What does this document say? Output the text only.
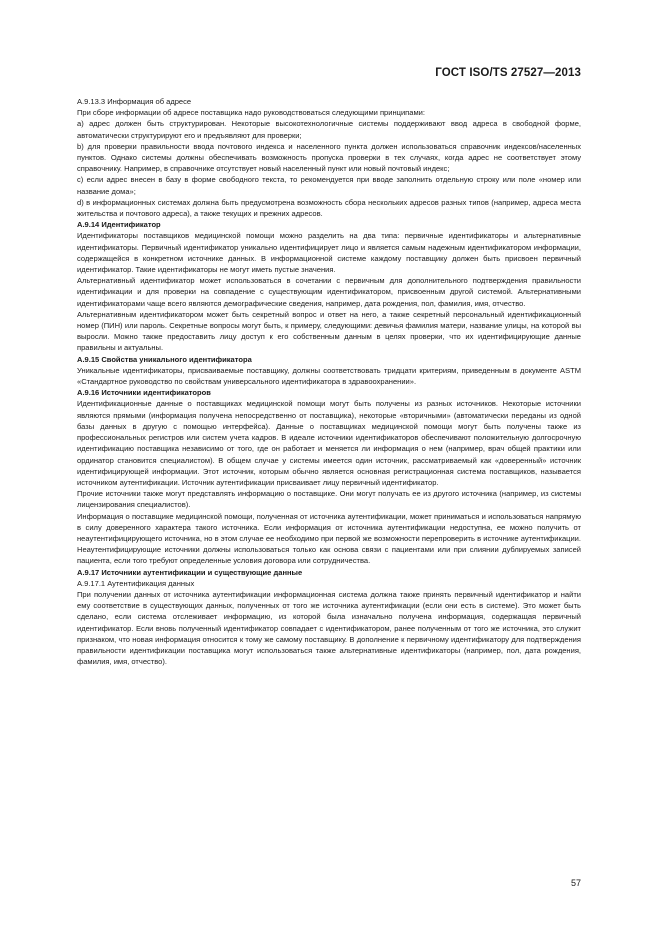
ГОСТ ISO/TS 27527—2013

А.9.13.3 Информация об адресе

При сборе информации об адресе поставщика надо руководствоваться следующими принципами:

a) адрес должен быть структурирован. Некоторые высокотехнологичные системы поддерживают ввод адреса в свободной форме, автоматически структурируют его и предъявляют для проверки;

b) для проверки правильности ввода почтового индекса и населенного пункта должен использоваться справочник индексов/населенных пунктов. Однако системы должны обеспечивать возможность пропуска проверки в тех случаях, когда адрес не соответствует этому справочнику. Например, в справочнике отсутствует новый населенный пункт или новый почтовый индекс;

c) если адрес внесен в базу в форме свободного текста, то рекомендуется при вводе заполнить отдельную строку или поле «номер или название дома»;

d) в информационных системах должна быть предусмотрена возможность сбора нескольких адресов разных типов (например, адреса места жительства и почтового адреса), а также текущих и прежних адресов.

А.9.14 Идентификатор

Идентификаторы поставщиков медицинской помощи можно разделить на два типа: первичные идентификаторы и альтернативные идентификаторы. Первичный идентификатор уникально идентифицирует лицо и является самым надежным идентификатором информации, содержащейся в конкретном источнике данных. В информационной системе каждому поставщику должен быть присвоен первичный идентификатор. Такие идентификаторы не могут иметь пустые значения.

Альтернативный идентификатор может использоваться в сочетании с первичным для дополнительного подтверждения правильности идентификации и для проверки на совпадение с существующим идентификатором, присвоенным другой системой. Альтернативными идентификаторами чаще всего являются демографические сведения, например, дата рождения, пол, фамилия, имя, отчество.

Альтернативным идентификатором может быть секретный вопрос и ответ на него, а также секретный персональный идентификационный номер (ПИН) или пароль. Секретные вопросы могут быть, к примеру, следующими: девичья фамилия матери, название улицы, на которой вы выросли. Можно также предоставить лицу доступ к его собственным данным в целях проверки, что их идентифицирующие данные правильны и актуальны.

А.9.15 Свойства уникального идентификатора

Уникальные идентификаторы, присваиваемые поставщику, должны соответствовать тридцати критериям, приведенным в документе ASTM «Стандартное руководство по свойствам универсального идентификатора в здравоохранении».

А.9.16 Источники идентификаторов

Идентификационные данные о поставщиках медицинской помощи могут быть получены из разных источников. Некоторые источники являются прямыми (информация получена непосредственно от поставщика), некоторые «вторичными» (автоматически переданы из одной базы данных в другую с помощью интерфейса). Данные о поставщиках медицинской помощи могут быть получены также из профессиональных регистров или систем учета кадров. В идеале источники идентификаторов обеспечивают положительную долгосрочную идентификацию поставщика независимо от того, где он работает и меняется ли информация о нем (например, врач общей практики или ординатор становится специалистом). В общем случае у системы имеется один источник, рассматриваемый как «доверенный» источник идентифицирующей информации. Этот источник, которым обычно является основная регистрационная система поставщиков, называется источником аутентификации. Источник аутентификации присваивает лицу первичный идентификатор.

Прочие источники также могут представлять информацию о поставщике. Они могут получать ее из другого источника (например, из системы лицензирования специалистов).

Информация о поставщике медицинской помощи, полученная от источника аутентификации, может приниматься и использоваться напрямую в силу доверенного характера такого источника. Если информация от источника аутентификации недоступна, ее можно получить от неаутентифицирующего источника, но в этом случае ее необходимо при первой же возможности перепроверить в источнике аутентификации. Неаутентифицирующие источники должны использоваться только как основа связи с пациентами или при слиянии дублируемых записей пациента, если того требуют определенные условия договора или сотрудничества.

А.9.17 Источники аутентификации и существующие данные

А.9.17.1 Аутентификация данных

При получении данных от источника аутентификации информационная система должна также принять первичный идентификатор и найти ему соответствие в существующих данных, полученных от того же источника аутентификации (если они есть в системе). Это может быть сделано, если система отслеживает информацию, из которой была изначально получена информация, содержащая первичный идентификатор. Если вновь полученный идентификатор совпадает с идентификатором, ранее полученным от того же источника, это служит признаком, что новая информация относится к тому же самому поставщику. В дополнение к первичному идентификатору для подтверждения правильности идентификации поставщика могут использоваться также альтернативные идентификаторы (например, пол, дата рождения, фамилия, имя, отчество).

57
